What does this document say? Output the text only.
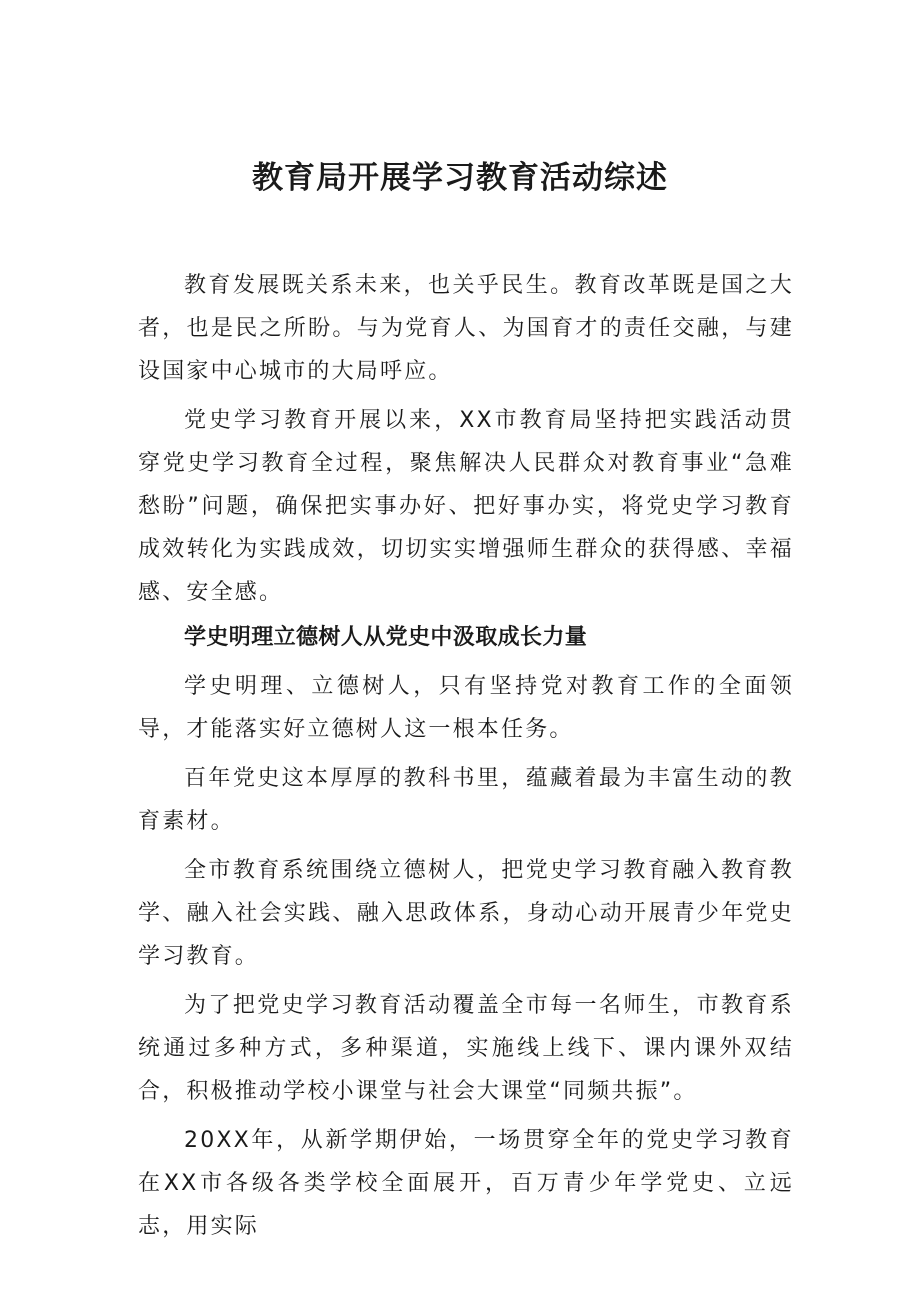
教育局开展学习教育活动综述

教育发展既关系未来，也关乎民生。教育改革既是国之大者，也是民之所盼。与为党育人、为国育才的责任交融，与建设国家中心城市的大局呼应。

党史学习教育开展以来，XX市教育局坚持把实践活动贯穿党史学习教育全过程，聚焦解决人民群众对教育事业“急难愁盼”问题，确保把实事办好、把好事办实，将党史学习教育成效转化为实践成效，切切实实增强师生群众的获得感、幸福感、安全感。

学史明理立德树人从党史中汲取成长力量

学史明理、立德树人，只有坚持党对教育工作的全面领导，才能落实好立德树人这一根本任务。

百年党史这本厚厚的教科书里，蕴藏着最为丰富生动的教育素材。

全市教育系统围绕立德树人，把党史学习教育融入教育教学、融入社会实践、融入思政体系，身动心动开展青少年党史学习教育。

为了把党史学习教育活动覆盖全市每一名师生，市教育系统通过多种方式，多种渠道，实施线上线下、课内课外双结合，积极推动学校小课堂与社会大课堂“同频共振”。

20XX年，从新学期伊始，一场贯穿全年的党史学习教育在XX市各级各类学校全面展开，百万青少年学党史、立远志，用实际
